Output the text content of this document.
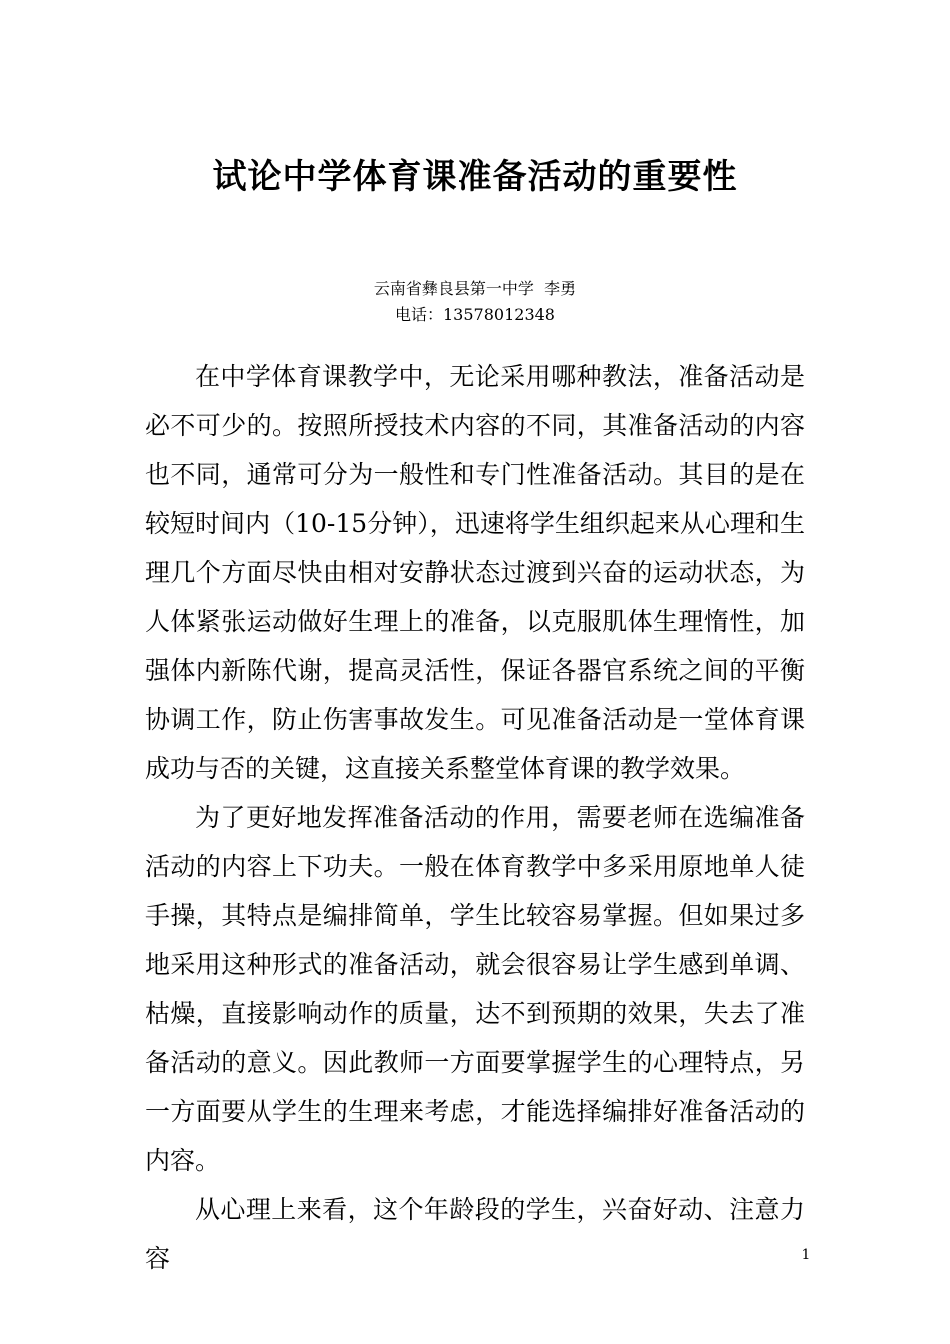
试论中学体育课准备活动的重要性
云南省彝良县第一中学  李勇
电话：13578012348

在中学体育课教学中，无论采用哪种教法，准备活动是必不可少的。按照所授技术内容的不同，其准备活动的内容也不同，通常可分为一般性和专门性准备活动。其目的是在较短时间内（10-15分钟），迅速将学生组织起来从心理和生理几个方面尽快由相对安静状态过渡到兴奋的运动状态，为人体紧张运动做好生理上的准备，以克服肌体生理惰性，加强体内新陈代谢，提高灵活性，保证各器官系统之间的平衡协调工作，防止伤害事故发生。可见准备活动是一堂体育课成功与否的关键，这直接关系整堂体育课的教学效果。

为了更好地发挥准备活动的作用，需要老师在选编准备活动的内容上下功夫。一般在体育教学中多采用原地单人徒手操，其特点是编排简单，学生比较容易掌握。但如果过多地采用这种形式的准备活动，就会很容易让学生感到单调、枯燥，直接影响动作的质量，达不到预期的效果，失去了准备活动的意义。因此教师一方面要掌握学生的心理特点，另一方面要从学生的生理来考虑，才能选择编排好准备活动的内容。

从心理上来看，这个年龄段的学生，兴奋好动、注意力容	1
